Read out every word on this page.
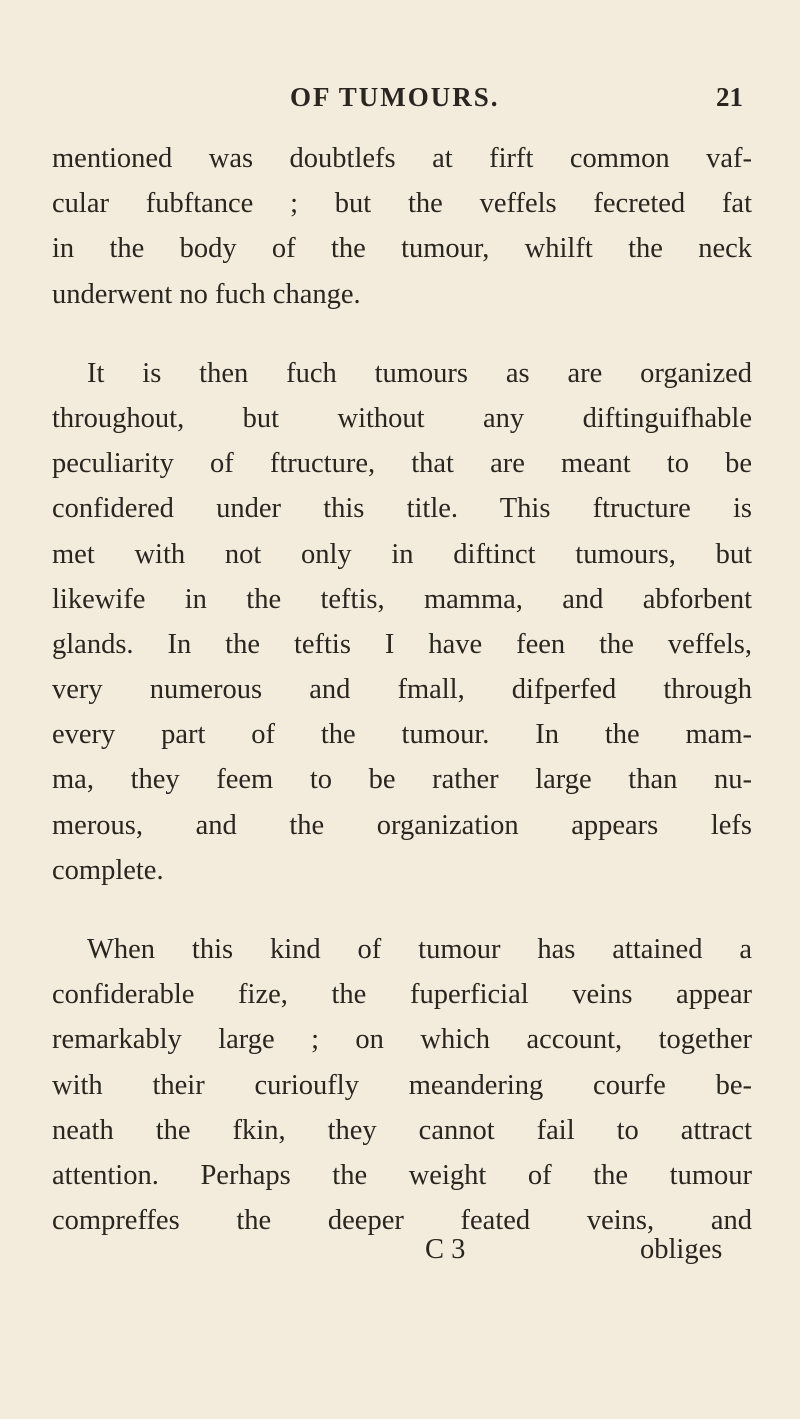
OF TUMOURS.	21
mentioned was doubtlefs at firft common vaf-
cular fubftance ; but the veffels fecreted fat
in the body of the tumour, whilft the neck
underwent no fuch change.
It is then fuch tumours as are organized
throughout, but without any diftinguifhable
peculiarity of ftructure, that are meant to be
confidered under this title. This ftructure is
met with not only in diftinct tumours, but
likewife in the teftis, mamma, and abforbent
glands. In the teftis I have feen the veffels,
very numerous and fmall, difperfed through
every part of the tumour. In the mam-
ma, they feem to be rather large than nu-
merous, and the organization appears lefs
complete.
When this kind of tumour has attained a
confiderable fize, the fuperficial veins appear
remarkably large ; on which account, together
with their curioufly meandering courfe be-
neath the fkin, they cannot fail to attract
attention. Perhaps the weight of the tumour
compreffes the deeper feated veins, and
C 3	obliges
